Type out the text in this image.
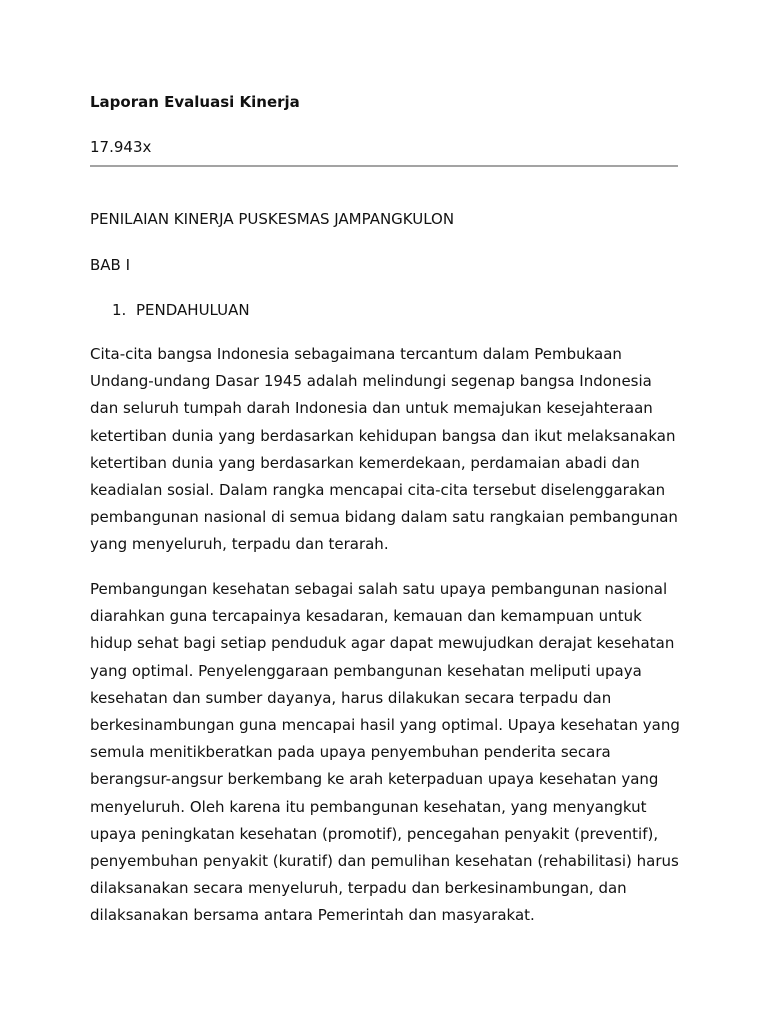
Laporan Evaluasi Kinerja
17.943x
PENILAIAN KINERJA PUSKESMAS JAMPANGKULON
BAB I
1. PENDAHULUAN

Cita-cita bangsa Indonesia sebagaimana tercantum dalam Pembukaan Undang-undang Dasar 1945 adalah melindungi segenap bangsa Indonesia dan seluruh tumpah darah Indonesia dan untuk memajukan kesejahteraan ketertiban dunia yang berdasarkan kehidupan bangsa dan ikut melaksanakan ketertiban dunia yang berdasarkan kemerdekaan, perdamaian abadi dan keadialan sosial. Dalam rangka mencapai cita-cita tersebut diselenggarakan pembangunan nasional di semua bidang dalam satu rangkaian pembangunan yang menyeluruh, terpadu dan terarah.

Pembangungan kesehatan sebagai salah satu upaya pembangunan nasional diarahkan guna tercapainya kesadaran, kemauan dan kemampuan untuk hidup sehat bagi setiap penduduk agar dapat mewujudkan derajat kesehatan yang optimal. Penyelenggaraan pembangunan kesehatan meliputi upaya kesehatan dan sumber dayanya, harus dilakukan secara terpadu dan berkesinambungan guna mencapai hasil yang optimal. Upaya kesehatan yang semula menitikberatkan pada upaya penyembuhan penderita secara berangsur-angsur berkembang ke arah keterpaduan upaya kesehatan yang menyeluruh. Oleh karena itu pembangunan kesehatan, yang menyangkut upaya peningkatan kesehatan (promotif), pencegahan penyakit (preventif), penyembuhan penyakit (kuratif) dan pemulihan kesehatan (rehabilitasi) harus dilaksanakan secara menyeluruh, terpadu dan berkesinambungan, dan dilaksanakan bersama antara Pemerintah dan masyarakat.
